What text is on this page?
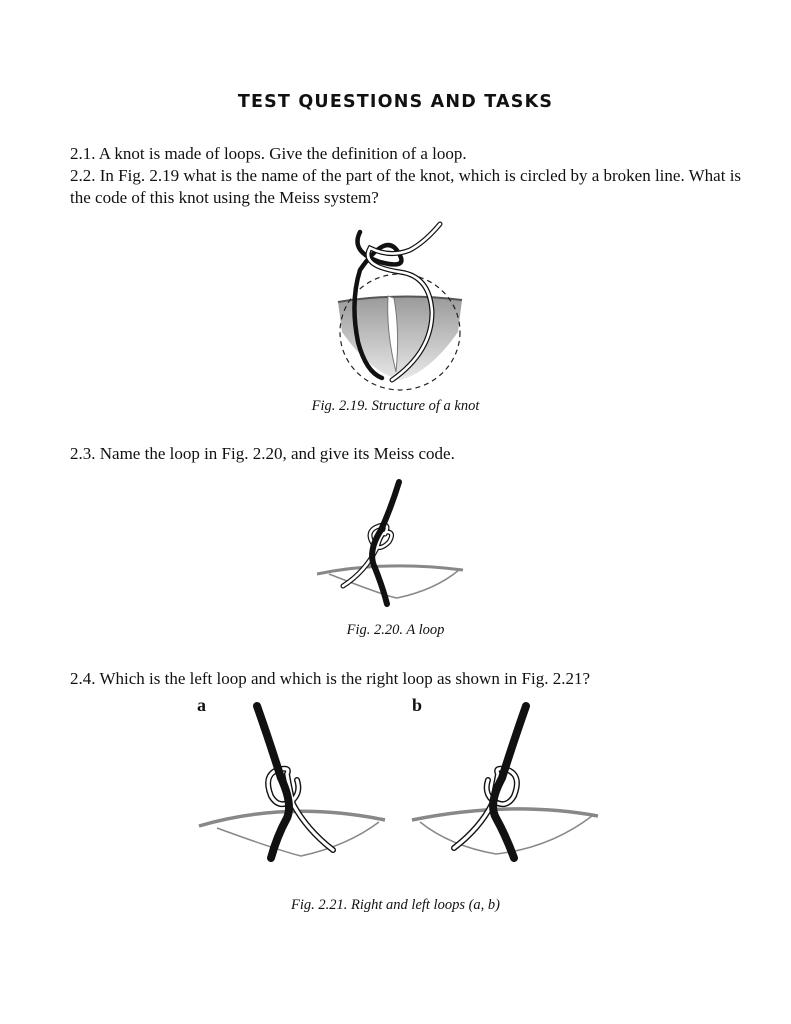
TEST QUESTIONS AND TASKS
2.1. A knot is made of loops. Give the definition of a loop.
2.2. In Fig. 2.19 what is the name of the part of the knot, which is circled by a broken line. What is the code of this knot using the Meiss system?
Fig. 2.19. Structure of a knot
2.3. Name the loop in Fig. 2.20, and give its Meiss code.
Fig. 2.20. A loop
2.4. Which is the left loop and which is the right loop as shown in Fig. 2.21?
a	b
Fig. 2.21. Right and left loops (a, b)
